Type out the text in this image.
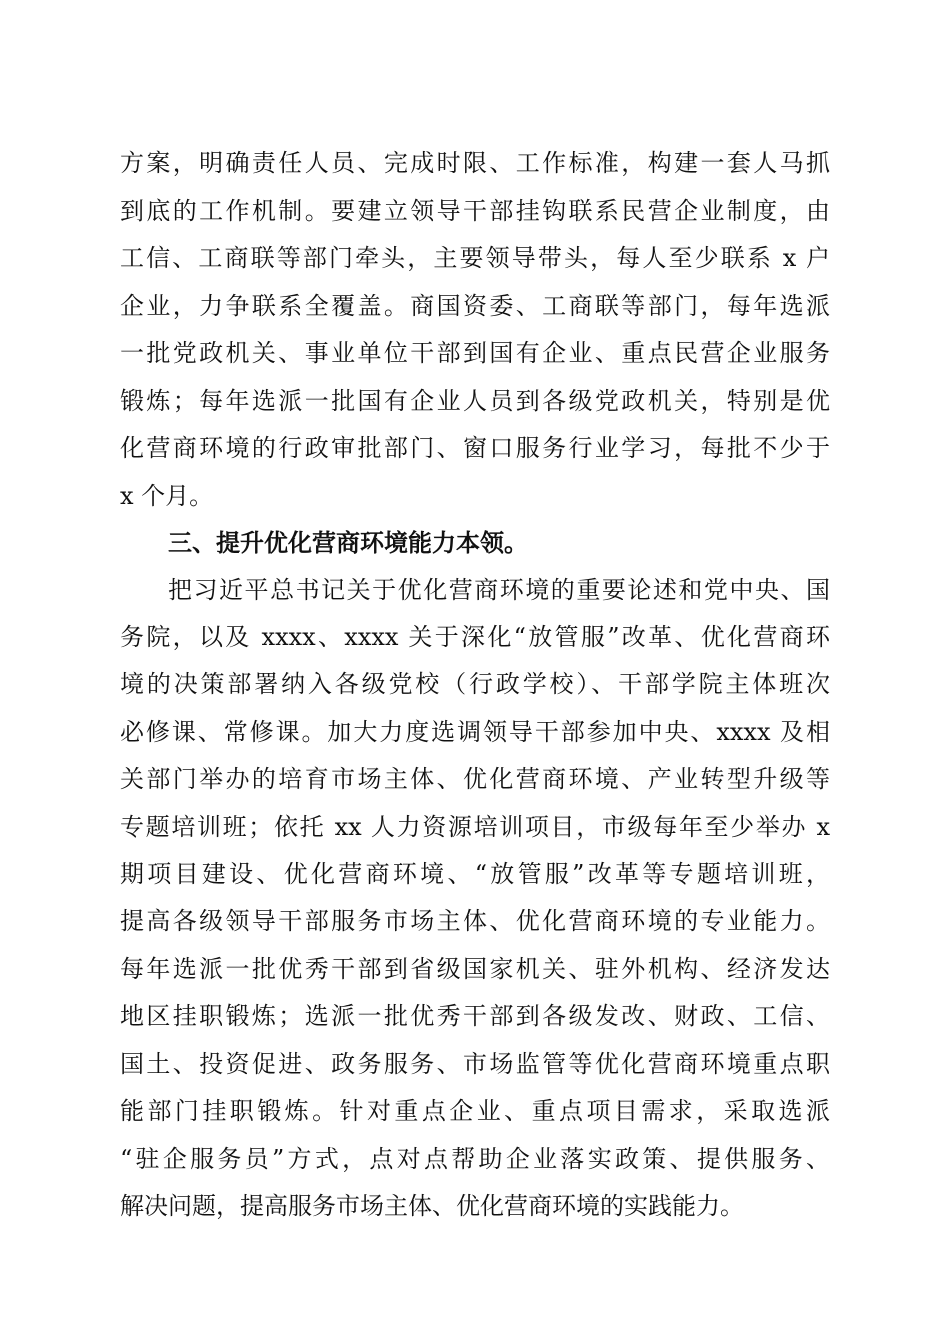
方案，明确责任人员、完成时限、工作标准，构建一套人马抓
到底的工作机制。要建立领导干部挂钩联系民营企业制度，由
工信、工商联等部门牵头，主要领导带头，每人至少联系 x 户
企业，力争联系全覆盖。商国资委、工商联等部门，每年选派
一批党政机关、事业单位干部到国有企业、重点民营企业服务
锻炼；每年选派一批国有企业人员到各级党政机关，特别是优
化营商环境的行政审批部门、窗口服务行业学习，每批不少于
x 个月。
三、提升优化营商环境能力本领。
把习近平总书记关于优化营商环境的重要论述和党中央、国
务院，以及 xxxx、xxxx 关于深化“放管服”改革、优化营商环
境的决策部署纳入各级党校（行政学校）、干部学院主体班次
必修课、常修课。加大力度选调领导干部参加中央、xxxx 及相
关部门举办的培育市场主体、优化营商环境、产业转型升级等
专题培训班；依托 xx 人力资源培训项目，市级每年至少举办 x
期项目建设、优化营商环境、“放管服”改革等专题培训班，
提高各级领导干部服务市场主体、优化营商环境的专业能力。
每年选派一批优秀干部到省级国家机关、驻外机构、经济发达
地区挂职锻炼；选派一批优秀干部到各级发改、财政、工信、
国土、投资促进、政务服务、市场监管等优化营商环境重点职
能部门挂职锻炼。针对重点企业、重点项目需求，采取选派
“驻企服务员”方式，点对点帮助企业落实政策、提供服务、
解决问题，提高服务市场主体、优化营商环境的实践能力。
